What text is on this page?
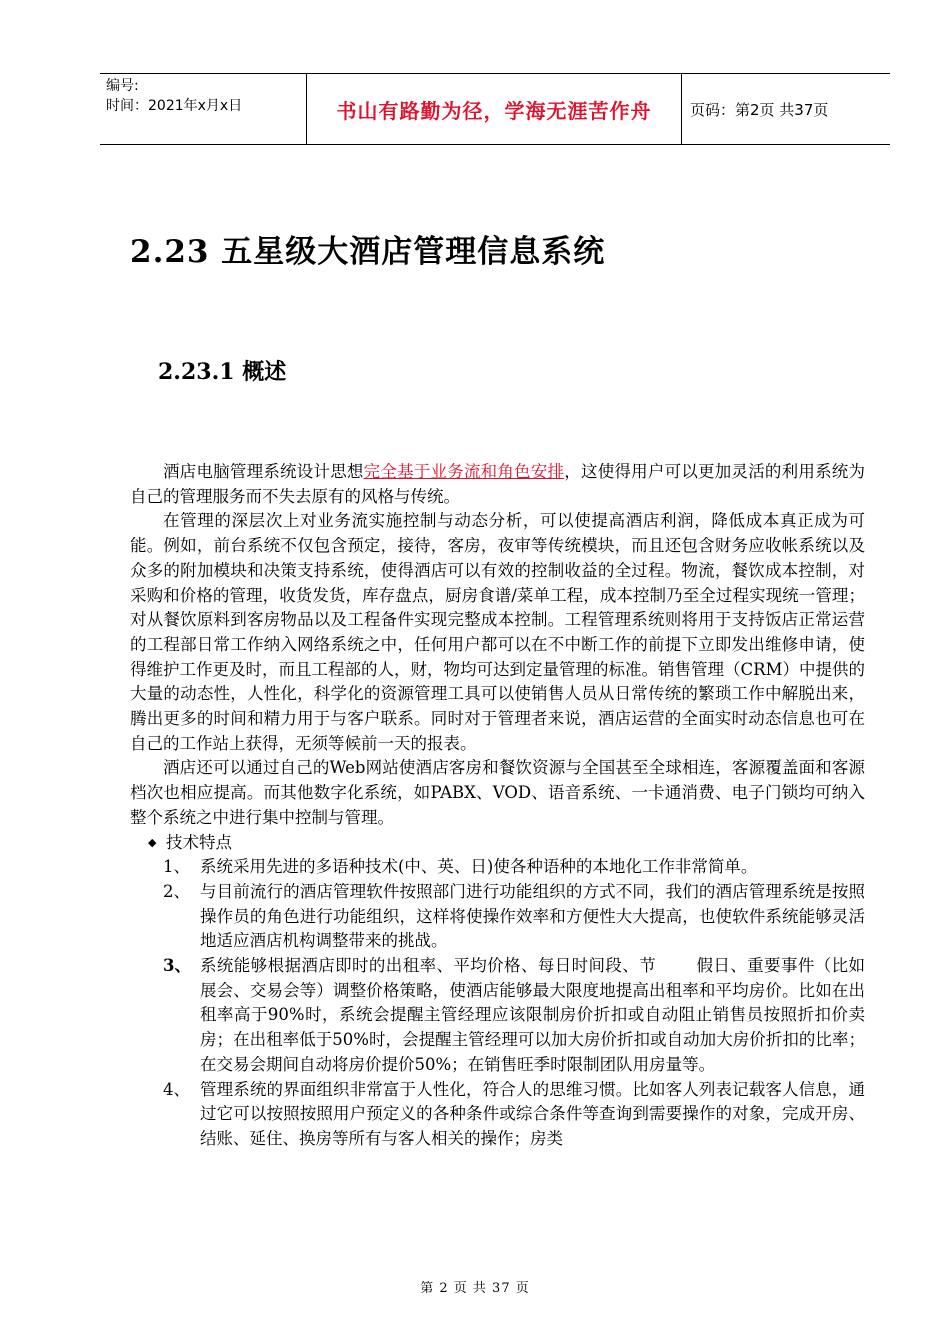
编号:
时间：2021年x月x日	书山有路勤为径，学海无涯苦作舟	页码：第2页 共37页
2.23 五星级大酒店管理信息系统
2.23.1 概述

酒店电脑管理系统设计思想完全基于业务流和角色安排，这使得用户可以更加灵活的利用系统为自己的管理服务而不失去原有的风格与传统。

在管理的深层次上对业务流实施控制与动态分析，可以使提高酒店利润，降低成本真正成为可能。例如，前台系统不仅包含预定，接待，客房，夜审等传统模块，而且还包含财务应收帐系统以及众多的附加模块和决策支持系统，使得酒店可以有效的控制收益的全过程。物流，餐饮成本控制，对采购和价格的管理，收货发货，库存盘点，厨房食谱/菜单工程，成本控制乃至全过程实现统一管理；对从餐饮原料到客房物品以及工程备件实现完整成本控制。工程管理系统则将用于支持饭店正常运营的工程部日常工作纳入网络系统之中，任何用户都可以在不中断工作的前提下立即发出维修申请，使得维护工作更及时，而且工程部的人，财，物均可达到定量管理的标准。销售管理（CRM）中提供的大量的动态性，人性化，科学化的资源管理工具可以使销售人员从日常传统的繁琐工作中解脱出来，腾出更多的时间和精力用于与客户联系。同时对于管理者来说，酒店运营的全面实时动态信息也可在自己的工作站上获得，无须等候前一天的报表。

酒店还可以通过自己的Web网站使酒店客房和餐饮资源与全国甚至全球相连，客源覆盖面和客源档次也相应提高。而其他数字化系统，如PABX、VOD、语音系统、一卡通消费、电子门锁均可纳入整个系统之中进行集中控制与管理。

◆ 技术特点

1、 系统采用先进的多语种技术(中、英、日)使各种语种的本地化工作非常简单。

2、 与目前流行的酒店管理软件按照部门进行功能组织的方式不同，我们的酒店管理系统是按照操作员的角色进行功能组织，这样将使操作效率和方便性大大提高，也使软件系统能够灵活地适应酒店机构调整带来的挑战。

3、 系统能够根据酒店即时的出租率、平均价格、每日时间段、节 假日、重要事件（比如展会、交易会等）调整价格策略，使酒店能够最大限度地提高出租率和平均房价。比如在出租率高于90%时，系统会提醒主管经理应该限制房价折扣或自动阻止销售员按照折扣价卖房；在出租率低于50%时，会提醒主管经理可以加大房价折扣或自动加大房价折扣的比率；在交易会期间自动将房价提价50%；在销售旺季时限制团队用房量等。

4、 管理系统的界面组织非常富于人性化，符合人的思维习惯。比如客人列表记载客人信息，通过它可以按照按照用户预定义的各种条件或综合条件等查询到需要操作的对象，完成开房、结账、延住、换房等所有与客人相关的操作；房类

第 2 页 共 37 页
